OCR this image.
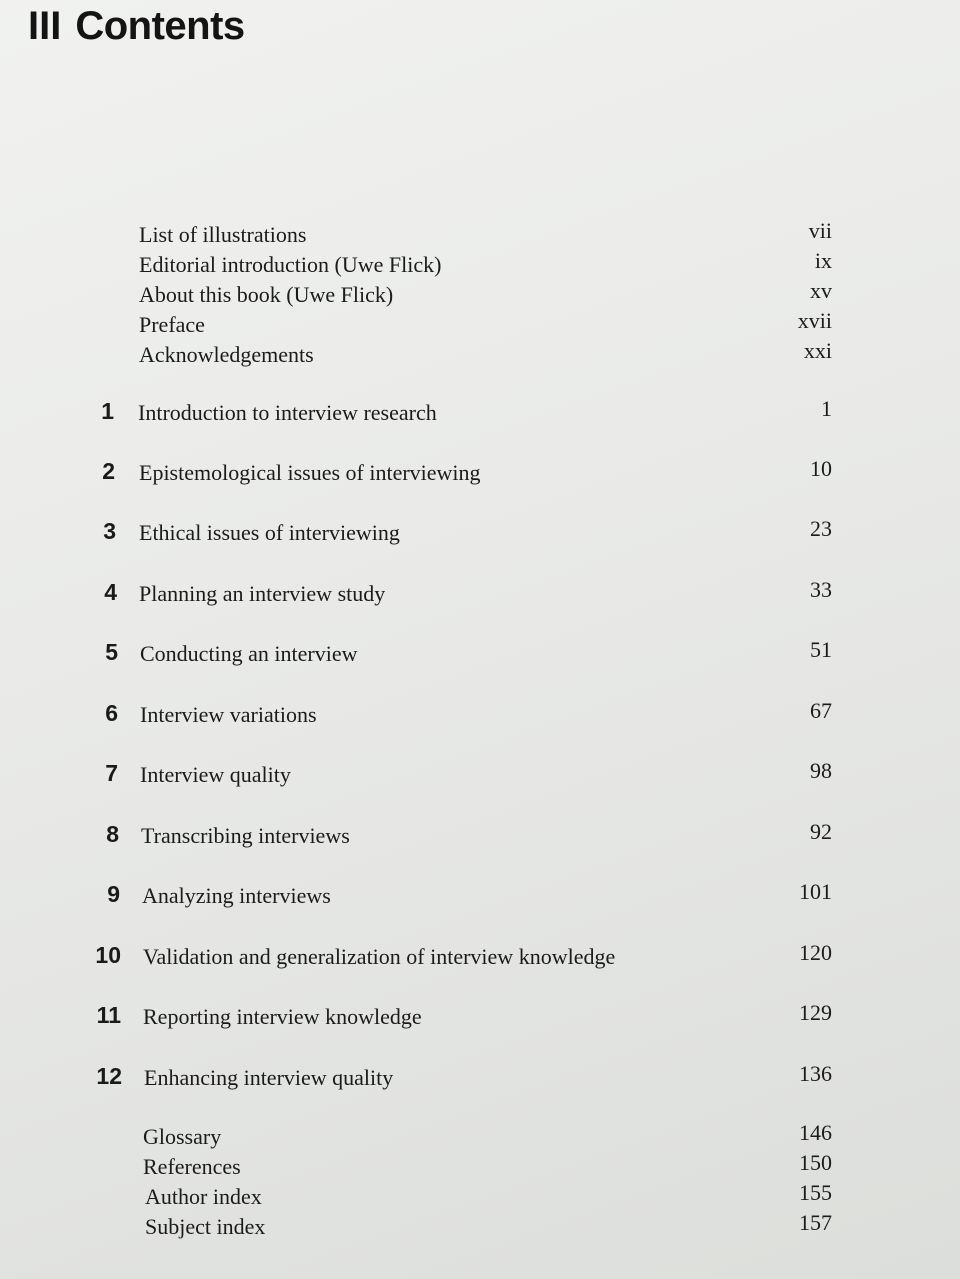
III Contents
List of illustrations	vii
Editorial introduction (Uwe Flick)	ix
About this book (Uwe Flick)	xv
Preface	xvii
Acknowledgements	xxi
1 Introduction to interview research	1
2 Epistemological issues of interviewing	10
3 Ethical issues of interviewing	23
4 Planning an interview study	33
5 Conducting an interview	51
6 Interview variations	67
7 Interview quality	98
8 Transcribing interviews	92
9 Analyzing interviews	101
10 Validation and generalization of interview knowledge	120
11 Reporting interview knowledge	129
12 Enhancing interview quality	136
Glossary	146
References	150
Author index	155
Subject index	157
